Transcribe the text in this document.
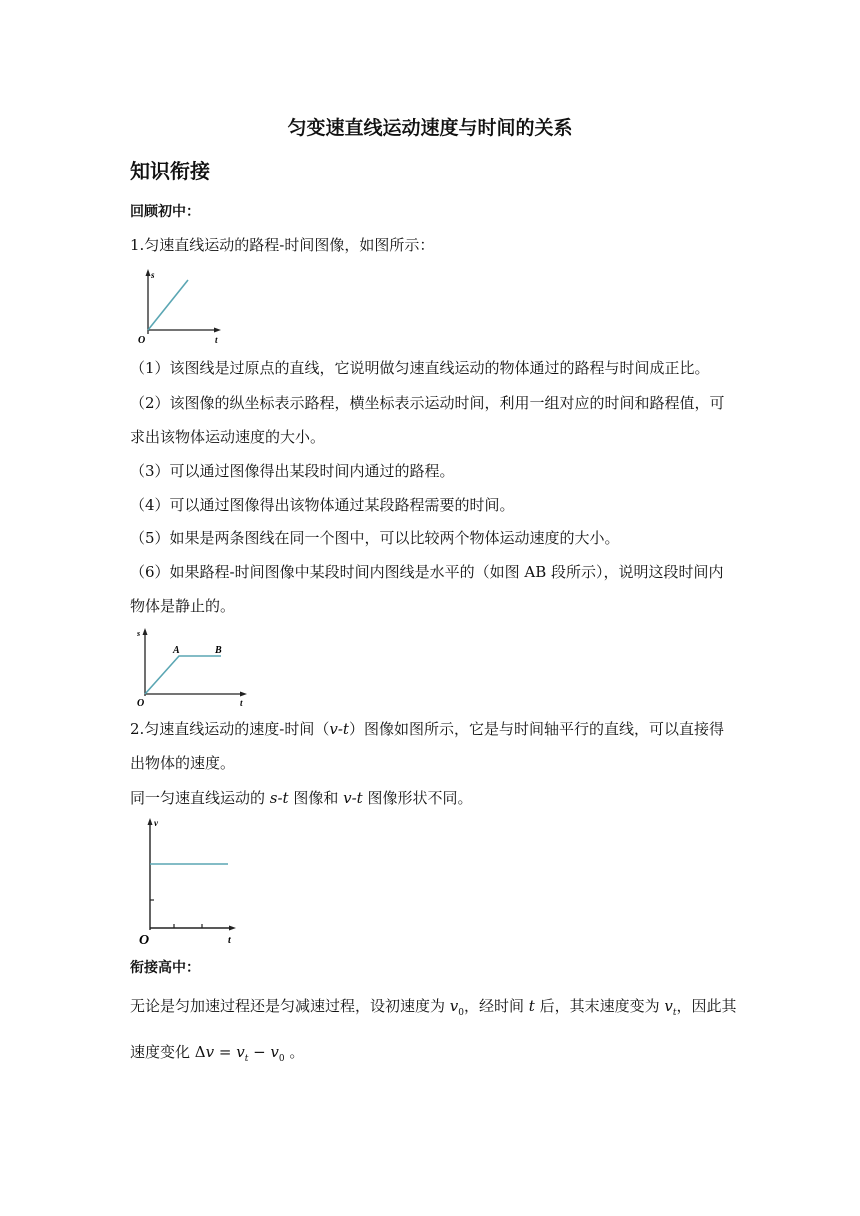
匀变速直线运动速度与时间的关系
知识衔接
回顾初中：
1.匀速直线运动的路程-时间图像，如图所示：
s
t
O
（1）该图线是过原点的直线，它说明做匀速直线运动的物体通过的路程与时间成正比。
（2）该图像的纵坐标表示路程，横坐标表示运动时间，利用一组对应的时间和路程值，可
求出该物体运动速度的大小。
（3）可以通过图像得出某段时间内通过的路程。
（4）可以通过图像得出该物体通过某段路程需要的时间。
（5）如果是两条图线在同一个图中，可以比较两个物体运动速度的大小。
（6）如果路程-时间图像中某段时间内图线是水平的（如图 AB 段所示），说明这段时间内
物体是静止的。
s
A	B
t
O
2.匀速直线运动的速度-时间（v-t）图像如图所示，它是与时间轴平行的直线，可以直接得
出物体的速度。
同一匀速直线运动的 s-t 图像和 v-t 图像形状不同。
v
t
O
衔接高中：
无论是匀加速过程还是匀减速过程，设初速度为 $v_0$，经时间 t 后，其末速度变为 $v_t$，因此其
速度变化 $\Delta v = v_t - v_0$ 。
